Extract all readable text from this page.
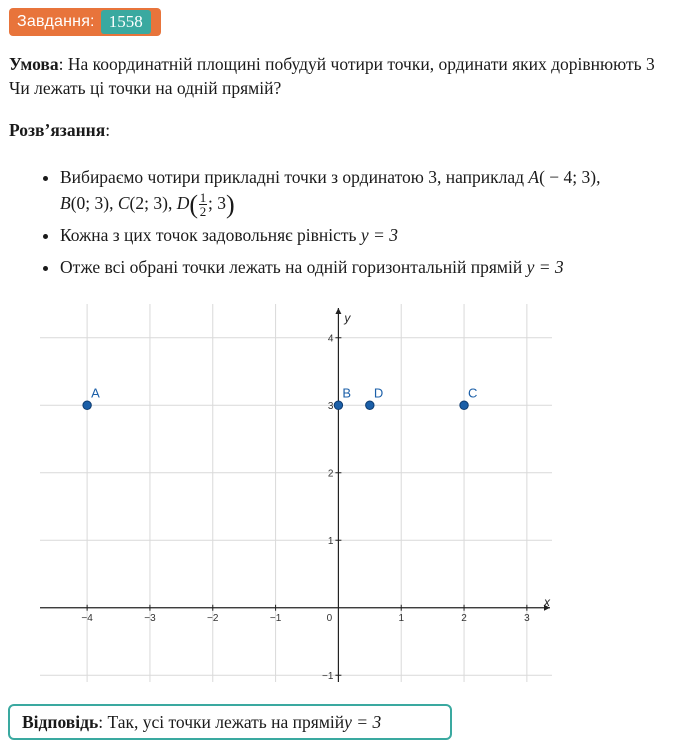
Завдання: 1558
Умова: На координатній площині побудуй чотири точки, ординати яких дорівнюють 3 Чи лежать ці точки на одній прямій?
Розв’язання:
• Вибираємо чотири прикладні точки з ординатою 3, наприклад A( − 4; 3),
B(0; 3), C(2; 3), $D( \frac{1}{2}$ ; 3)
• Кожна з цих точок задовольняє рівність y = 3
• Отже всі обрані точки лежать на одній горизонтальній прямій y = 3
x
y
−4	−3	−2	−1	0	1	2	3
−1
1
2
3
4
A	B D	C
Відповідь : Так, усі точки лежать на прямій y = 3
